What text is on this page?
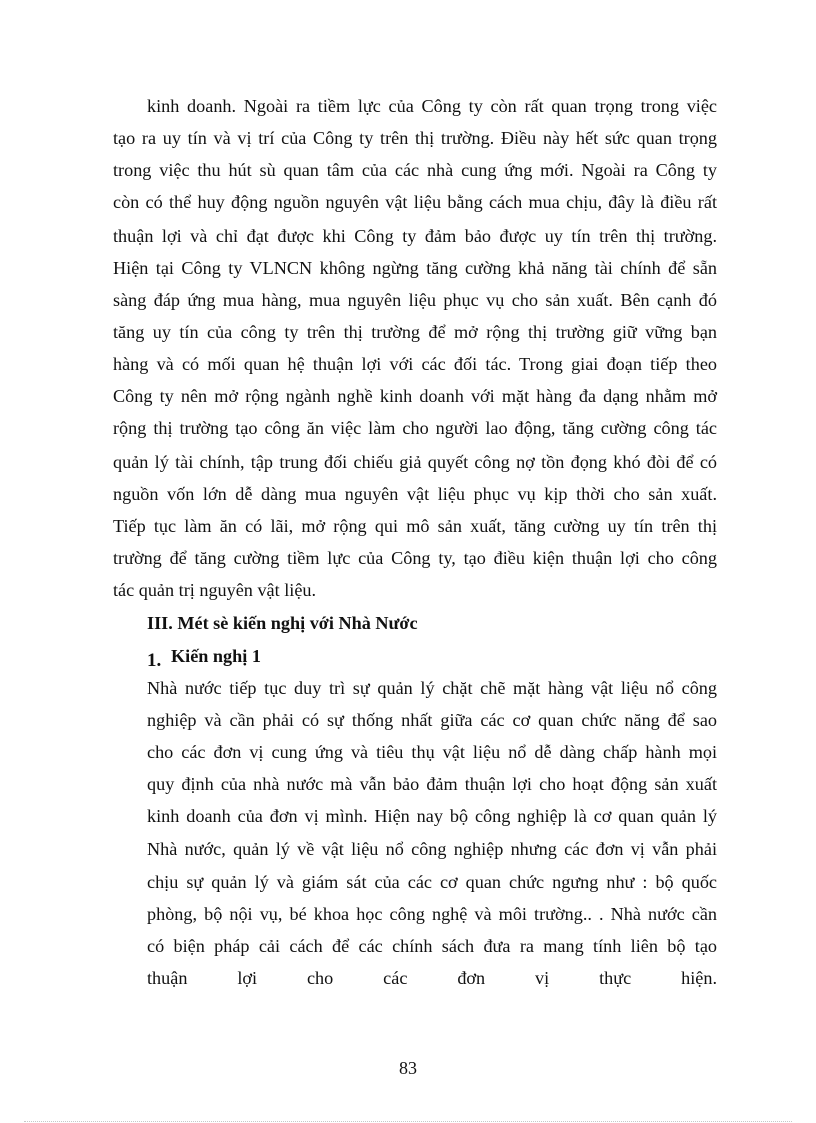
kinh doanh. Ngoài ra tiềm lực của Công ty còn rất quan trọng trong việc
tạo ra uy tín và vị trí của Công ty trên thị trường. Điều này hết sức quan trọng
trong việc thu hút sù quan tâm của các nhà cung ứng mới. Ngoài ra Công ty
còn có thể huy động nguồn nguyên vật liệu bằng cách mua chịu, đây là điều rất
thuận lợi và chỉ đạt được khi Công ty đảm bảo được uy tín trên thị trường.
Hiện tại Công ty VLNCN không ngừng tăng cường khả năng tài chính để sẵn
sàng đáp ứng mua hàng, mua nguyên liệu phục vụ cho sản xuất. Bên cạnh đó
tăng uy tín của công ty trên thị trường để mở rộng thị trường giữ vững bạn
hàng và có mối quan hệ thuận lợi với các đối tác. Trong giai đoạn tiếp theo
Công ty nên mở rộng ngành nghề kinh doanh với mặt hàng đa dạng nhằm mở
rộng thị trường tạo công ăn việc làm cho người lao động, tăng cường công tác
quản lý tài chính, tập trung đối chiếu giả quyết công nợ tồn đọng khó đòi để có
nguồn vốn lớn dễ dàng mua nguyên vật liệu phục vụ kịp thời cho sản xuất.
Tiếp tục làm ăn có lãi, mở rộng qui mô sản xuất, tăng cường uy tín trên thị
trường để tăng cường tiềm lực của Công ty, tạo điều kiện thuận lợi cho công
tác quản trị nguyên vật liệu.
III. Mét sè kiến nghị với Nhà Nước
1. Kiến nghị 1
Nhà nước tiếp tục duy trì sự quản lý chặt chẽ mặt hàng vật liệu nổ công
nghiệp và cần phải có sự thống nhất giữa các cơ quan chức năng để sao
cho các đơn vị cung ứng và tiêu thụ vật liệu nổ dễ dàng chấp hành mọi
quy định của nhà nước mà vẫn bảo đảm thuận lợi cho hoạt động sản xuất
kinh doanh của đơn vị mình. Hiện nay bộ công nghiệp là cơ quan quản lý
Nhà nước, quản lý về vật liệu nổ công nghiệp nhưng các đơn vị vẫn phải
chịu sự quản lý và giám sát của các cơ quan chức ngưng như : bộ quốc
phòng, bộ nội vụ, bé khoa học công nghệ và môi trường.. . Nhà nước cần
có biện pháp cải cách để các chính sách đưa ra mang tính liên bộ tạo
thuận lợi cho các đơn vị thực hiện.
83
